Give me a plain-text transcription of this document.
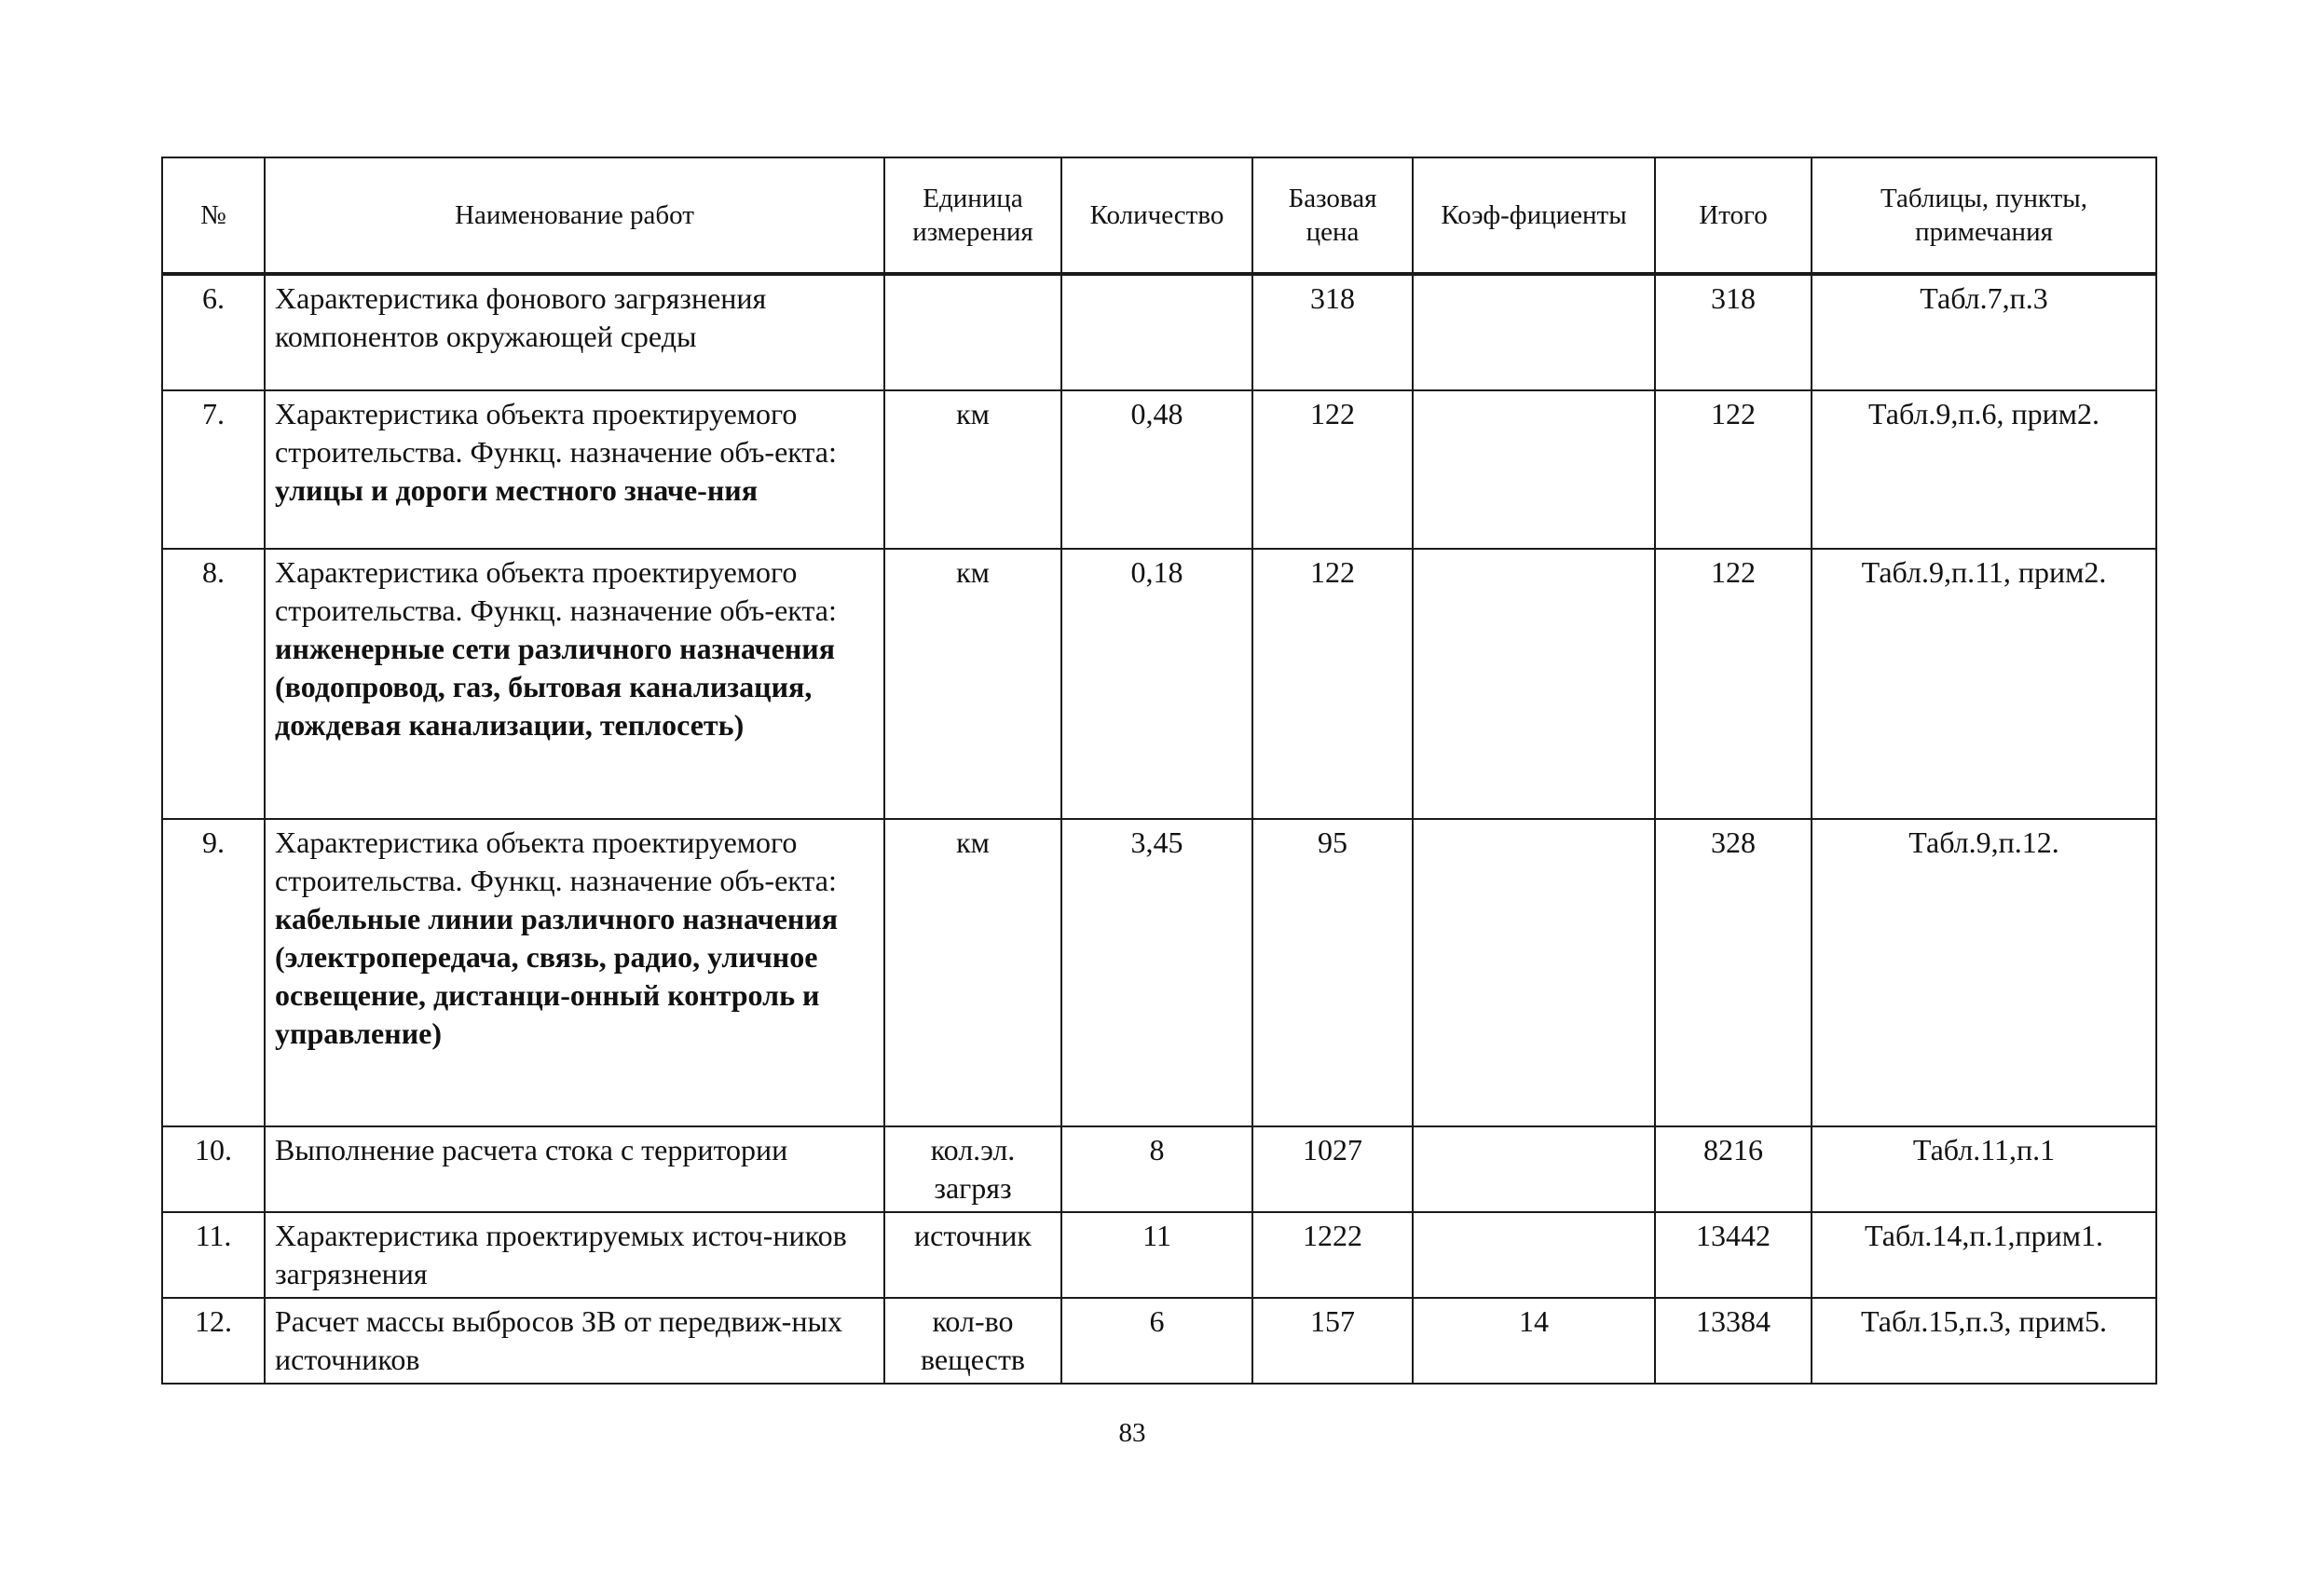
№	Наименование работ	Единица измерения	Количество	Базовая цена	Коэф-фициенты	Итого	Таблицы, пункты, примечания
6.	Характеристика фонового загрязнения компонентов окружающей среды			318		318	Табл.7,п.3
7.	Характеристика объекта проектируемого строительства. Функц. назначение объ-екта: улицы и дороги местного значе-ния	км	0,48	122		122	Табл.9,п.6, прим2.
8.	Характеристика объекта проектируемого строительства. Функц. назначение объ-екта: инженерные сети различного назначения (водопровод, газ, бытовая канализация, дождевая канализации, теплосеть)	км	0,18	122		122	Табл.9,п.11, прим2.
9.	Характеристика объекта проектируемого строительства. Функц. назначение объ-екта: кабельные линии различного назначения (электропередача, связь, радио, уличное освещение, дистанци-онный контроль и управление)	км	3,45	95		328	Табл.9,п.12.
10.	Выполнение расчета стока с территории	кол.эл. загряз	8	1027		8216	Табл.11,п.1
11.	Характеристика проектируемых источ-ников загрязнения	источник	11	1222		13442	Табл.14,п.1,прим1.
12.	Расчет массы выбросов ЗВ от передвиж-ных источников	кол-во веществ	6	157	14	13384	Табл.15,п.3, прим5.
83
